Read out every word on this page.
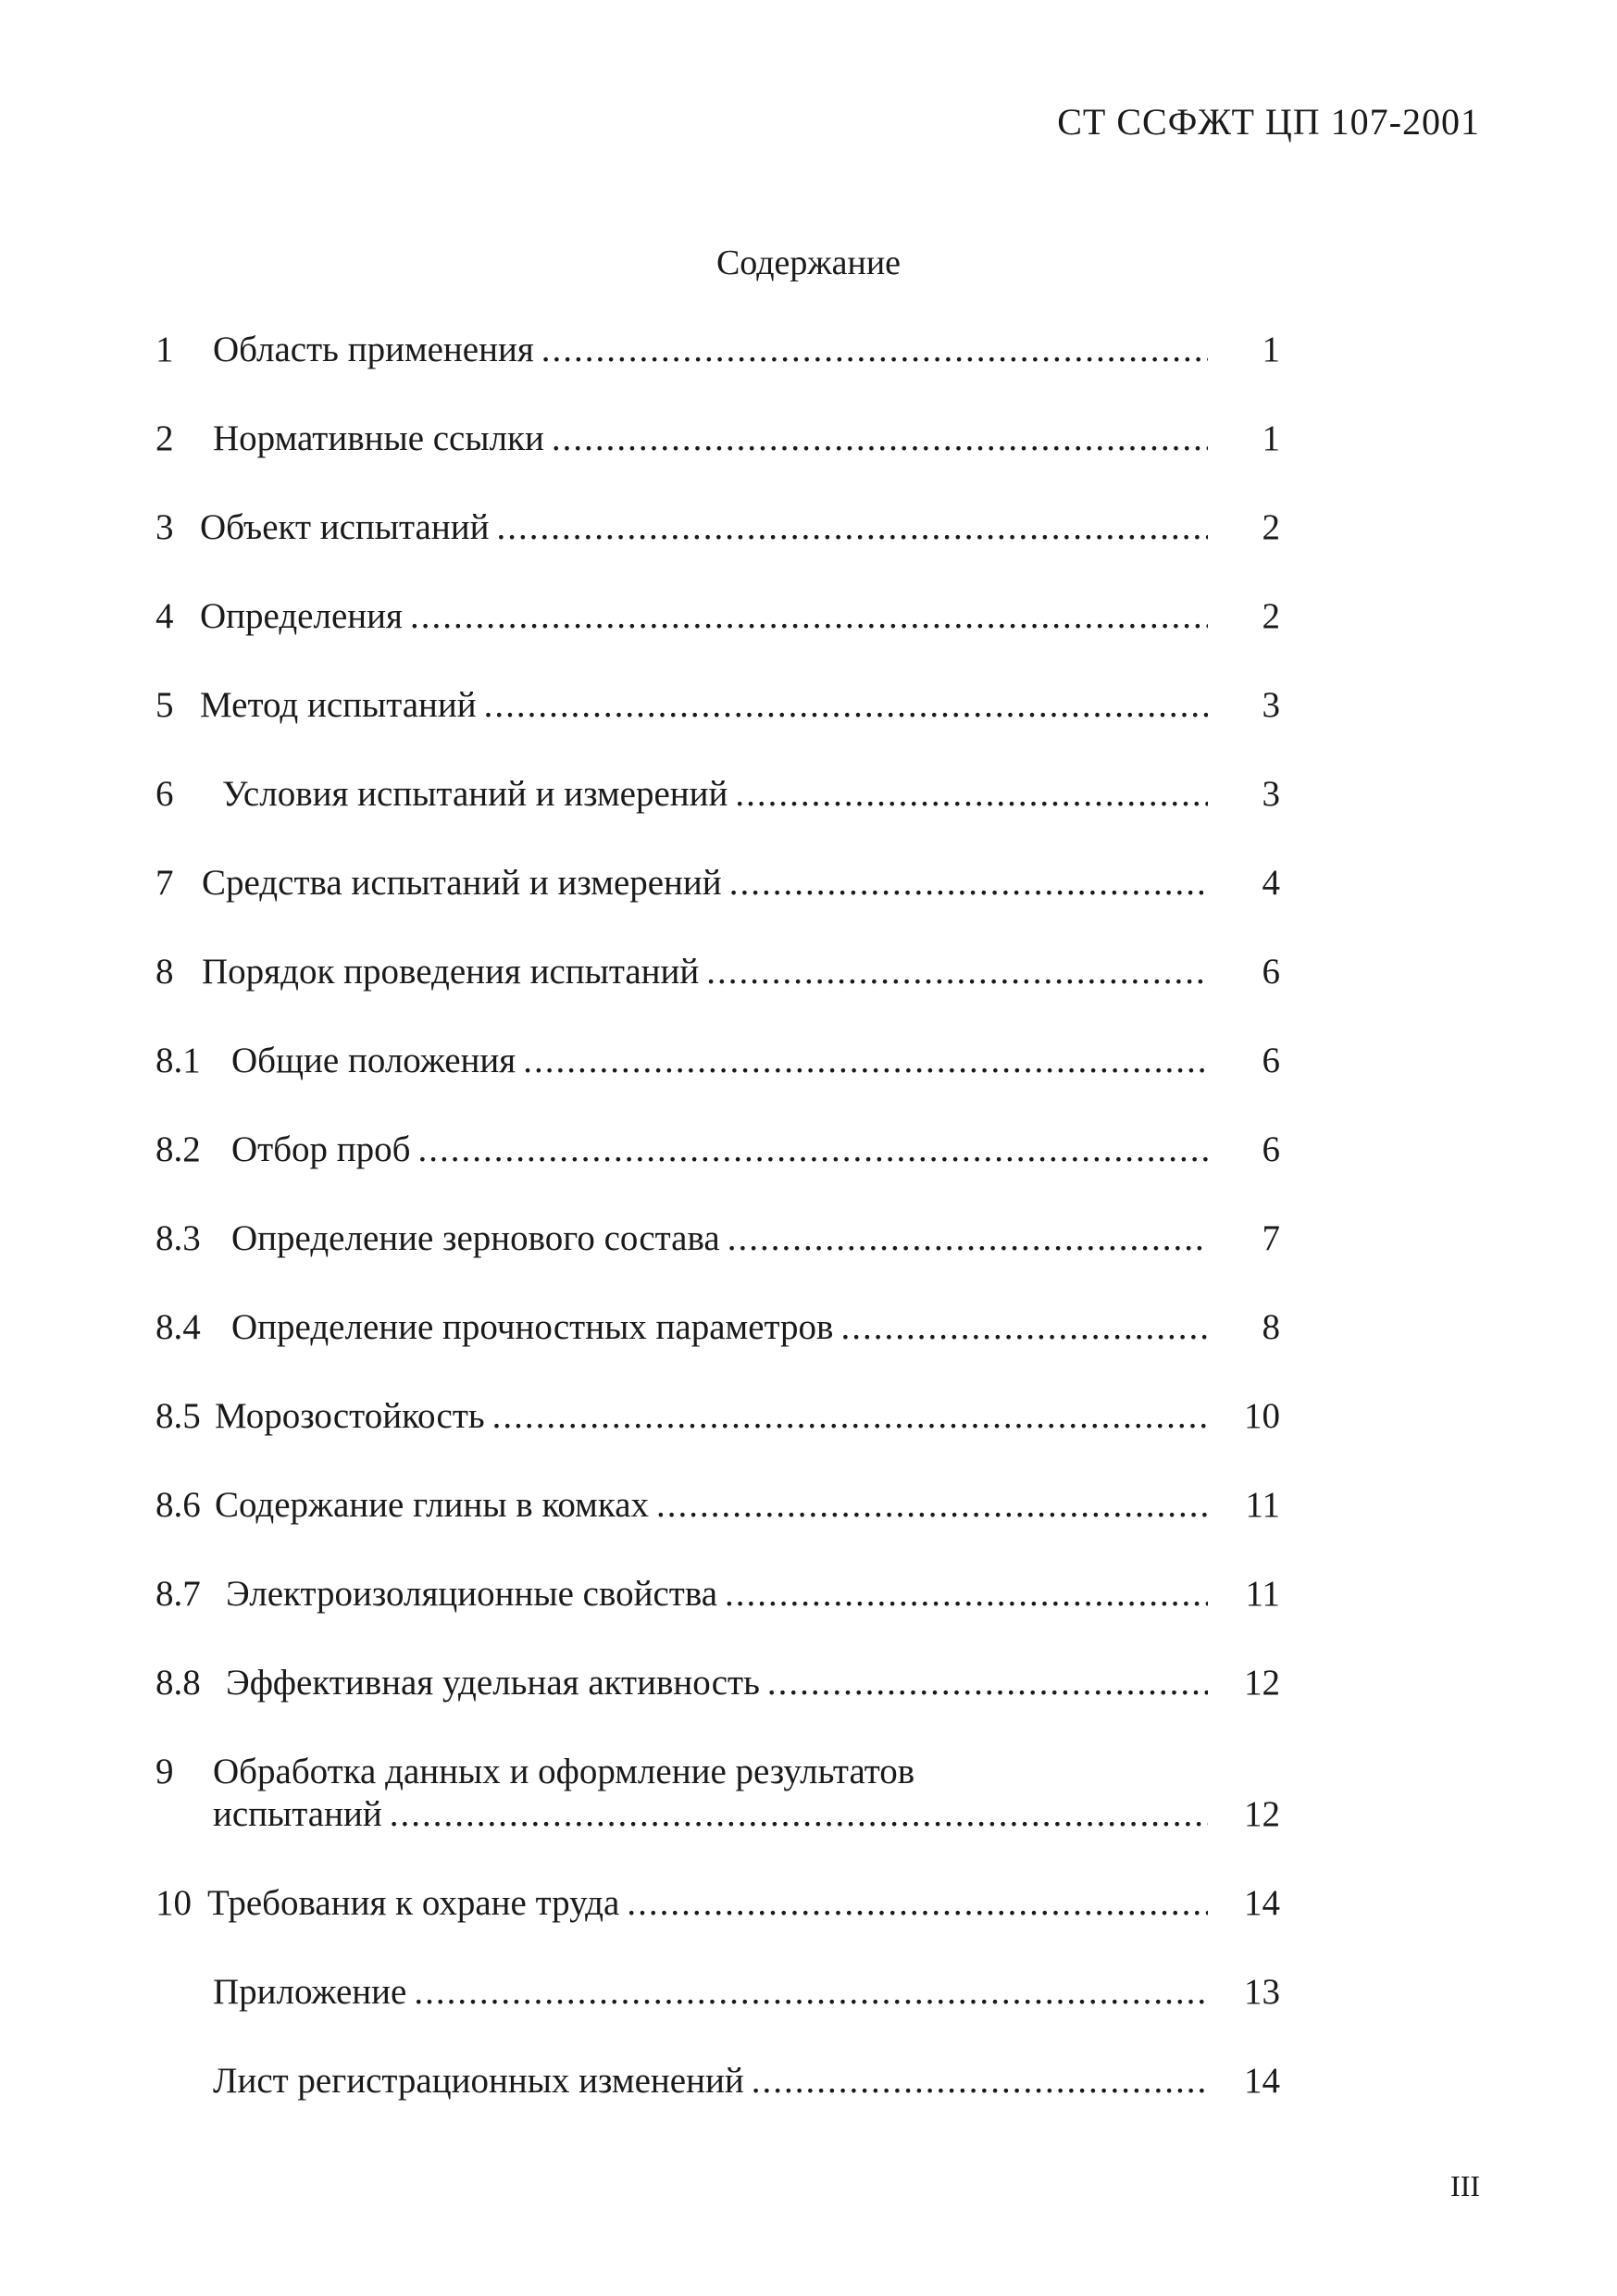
СТ ССФЖТ ЦП 107-2001
Содержание
1	Область применения .....	1
2	Нормативные ссылки .....	1
3 Объект испытаний .....	2
4 Определения .....	2
5 Метод испытаний .....	3
6	Условия испытаний и измерений .....	3
7 Средства испытаний и измерений .....	4
8 Порядок проведения испытаний .....	6
8.1 Общие положения .....	6
8.2 Отбор проб .....	6
8.3 Определение зернового состава .....	7
8.4 Определение прочностных параметров .....	8
8.5 Морозостойкость .....	10
8.6 Содержание глины в комках .....	11
8.7 Электроизоляционные свойства .....	11
8.8 Эффективная удельная активность .....	12
9	Обработка данных и оформление результатов
испытаний .....	12
10 Требования к охране труда .....	14
Приложение .....	13
Лист регистрационных изменений .....	14
III
